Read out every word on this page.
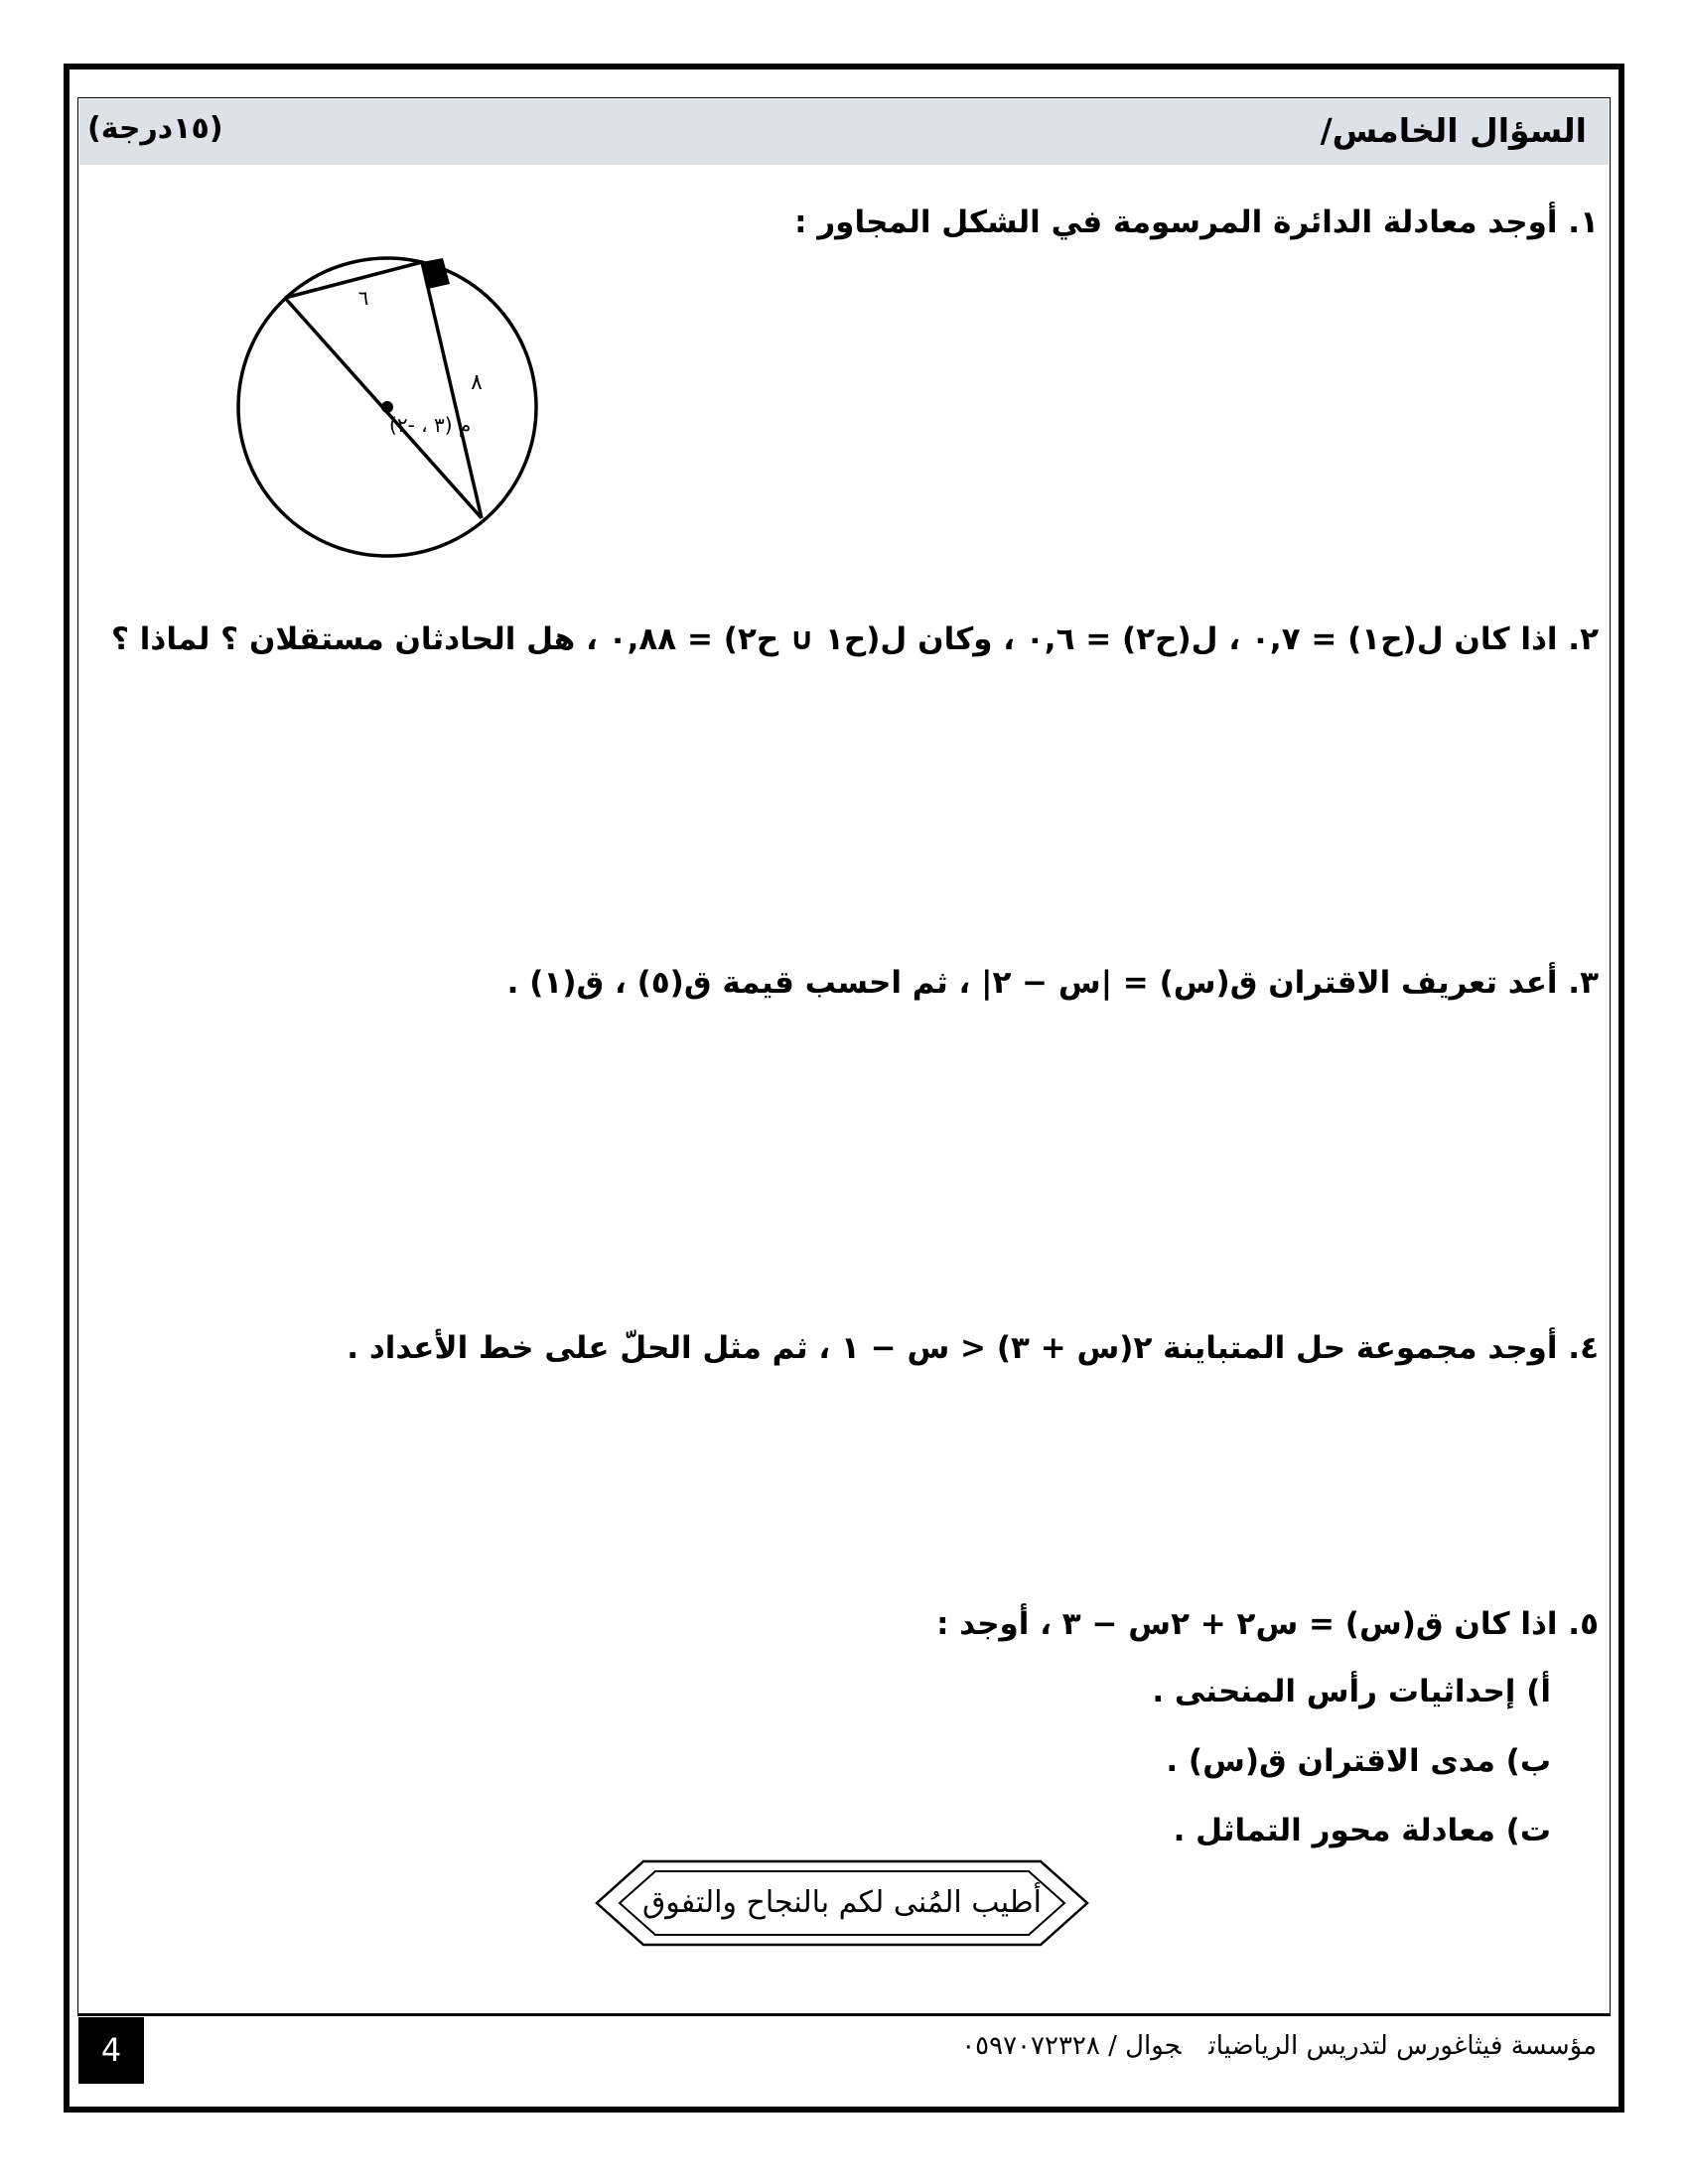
السؤال الخامس/
(١٥درجة)
١. أوجد معادلة الدائرة المرسومة في الشكل المجاور :
٦
٨
م (٣ ، -٢)
٢. اذا كان ل(ح١) = ٠,٧ ، ل(ح٢) = ٠,٦ ، وكان ل(ح١ ∪ ح٢) = ٠,٨٨ ، هل الحادثان مستقلان ؟ لماذا ؟
٣. أعد تعريف الاقتران ق(س) = |س − ٢| ، ثم احسب قيمة ق(٥) ، ق(١) .
٤. أوجد مجموعة حل المتباينة ٢(س + ٣) < س − ١ ، ثم مثل الحلّ على خط الأعداد .
٥. اذا كان ق(س) = س٢ + ٢س − ٣ ، أوجد :
أ) إحداثيات رأس المنحنى .
ب) مدى الاقتران ق(س) .
ت) معادلة محور التماثل .
أطيب المُنى لكم بالنجاح والتفوق
4	مؤسسة فيثاغورس لتدريس الرياضياتجوال / ٠٥٩٧٠٧٢٣٢٨
